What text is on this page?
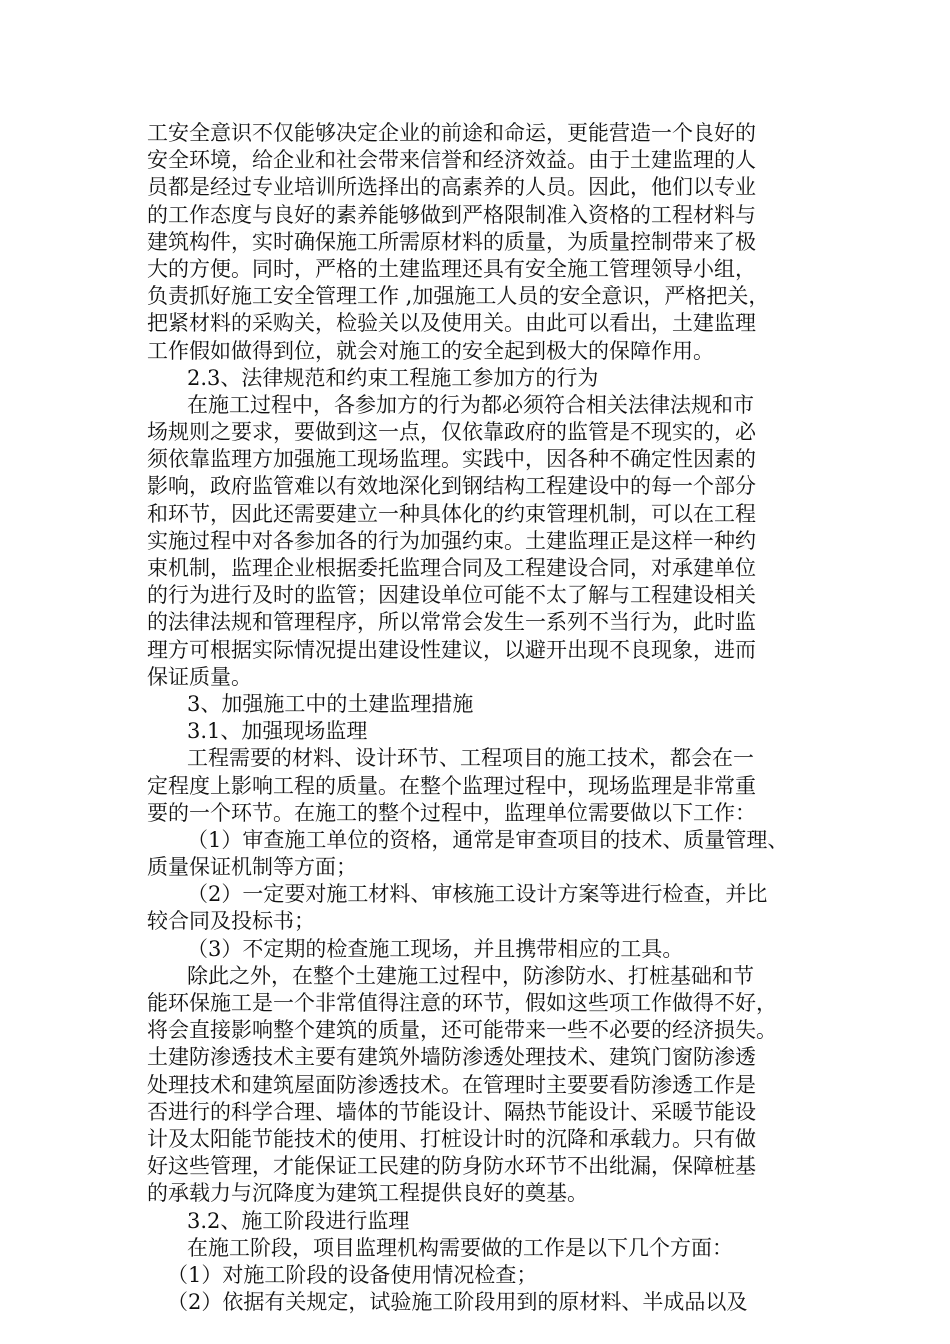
工安全意识不仅能够决定企业的前途和命运，更能营造一个良好的
安全环境，给企业和社会带来信誉和经济效益。由于土建监理的人
员都是经过专业培训所选择出的高素养的人员。因此，他们以专业
的工作态度与良好的素养能够做到严格限制准入资格的工程材料与
建筑构件，实时确保施工所需原材料的质量，为质量控制带来了极
大的方便。同时，严格的土建监理还具有安全施工管理领导小组，
负责抓好施工安全管理工作 ,加强施工人员的安全意识，严格把关，
把紧材料的采购关，检验关以及使用关。由此可以看出，土建监理
工作假如做得到位，就会对施工的安全起到极大的保障作用。
2.3、法律规范和约束工程施工参加方的行为
在施工过程中，各参加方的行为都必须符合相关法律法规和市
场规则之要求，要做到这一点，仅依靠政府的监管是不现实的，必
须依靠监理方加强施工现场监理。实践中，因各种不确定性因素的
影响，政府监管难以有效地深化到钢结构工程建设中的每一个部分
和环节，因此还需要建立一种具体化的约束管理机制，可以在工程
实施过程中对各参加各的行为加强约束。土建监理正是这样一种约
束机制，监理企业根据委托监理合同及工程建设合同，对承建单位
的行为进行及时的监管；因建设单位可能不太了解与工程建设相关
的法律法规和管理程序，所以常常会发生一系列不当行为，此时监
理方可根据实际情况提出建设性建议，以避开出现不良现象，进而
保证质量。
3、加强施工中的土建监理措施
3.1、加强现场监理
工程需要的材料、设计环节、工程项目的施工技术，都会在一
定程度上影响工程的质量。在整个监理过程中，现场监理是非常重
要的一个环节。在施工的整个过程中，监理单位需要做以下工作：
（1）审查施工单位的资格，通常是审查项目的技术、质量管理、
质量保证机制等方面；
（2）一定要对施工材料、审核施工设计方案等进行检查，并比
较合同及投标书；
（3）不定期的检查施工现场，并且携带相应的工具。
除此之外，在整个土建施工过程中，防渗防水、打桩基础和节
能环保施工是一个非常值得注意的环节，假如这些项工作做得不好，
将会直接影响整个建筑的质量，还可能带来一些不必要的经济损失。
土建防渗透技术主要有建筑外墙防渗透处理技术、建筑门窗防渗透
处理技术和建筑屋面防渗透技术。在管理时主要要看防渗透工作是
否进行的科学合理、墙体的节能设计、隔热节能设计、采暖节能设
计及太阳能节能技术的使用、打桩设计时的沉降和承载力。只有做
好这些管理，才能保证工民建的防身防水环节不出纰漏，保障桩基
的承载力与沉降度为建筑工程提供良好的奠基。
3.2、施工阶段进行监理
在施工阶段，项目监理机构需要做的工作是以下几个方面：
（1）对施工阶段的设备使用情况检查；
（2）依据有关规定，试验施工阶段用到的原材料、半成品以及
